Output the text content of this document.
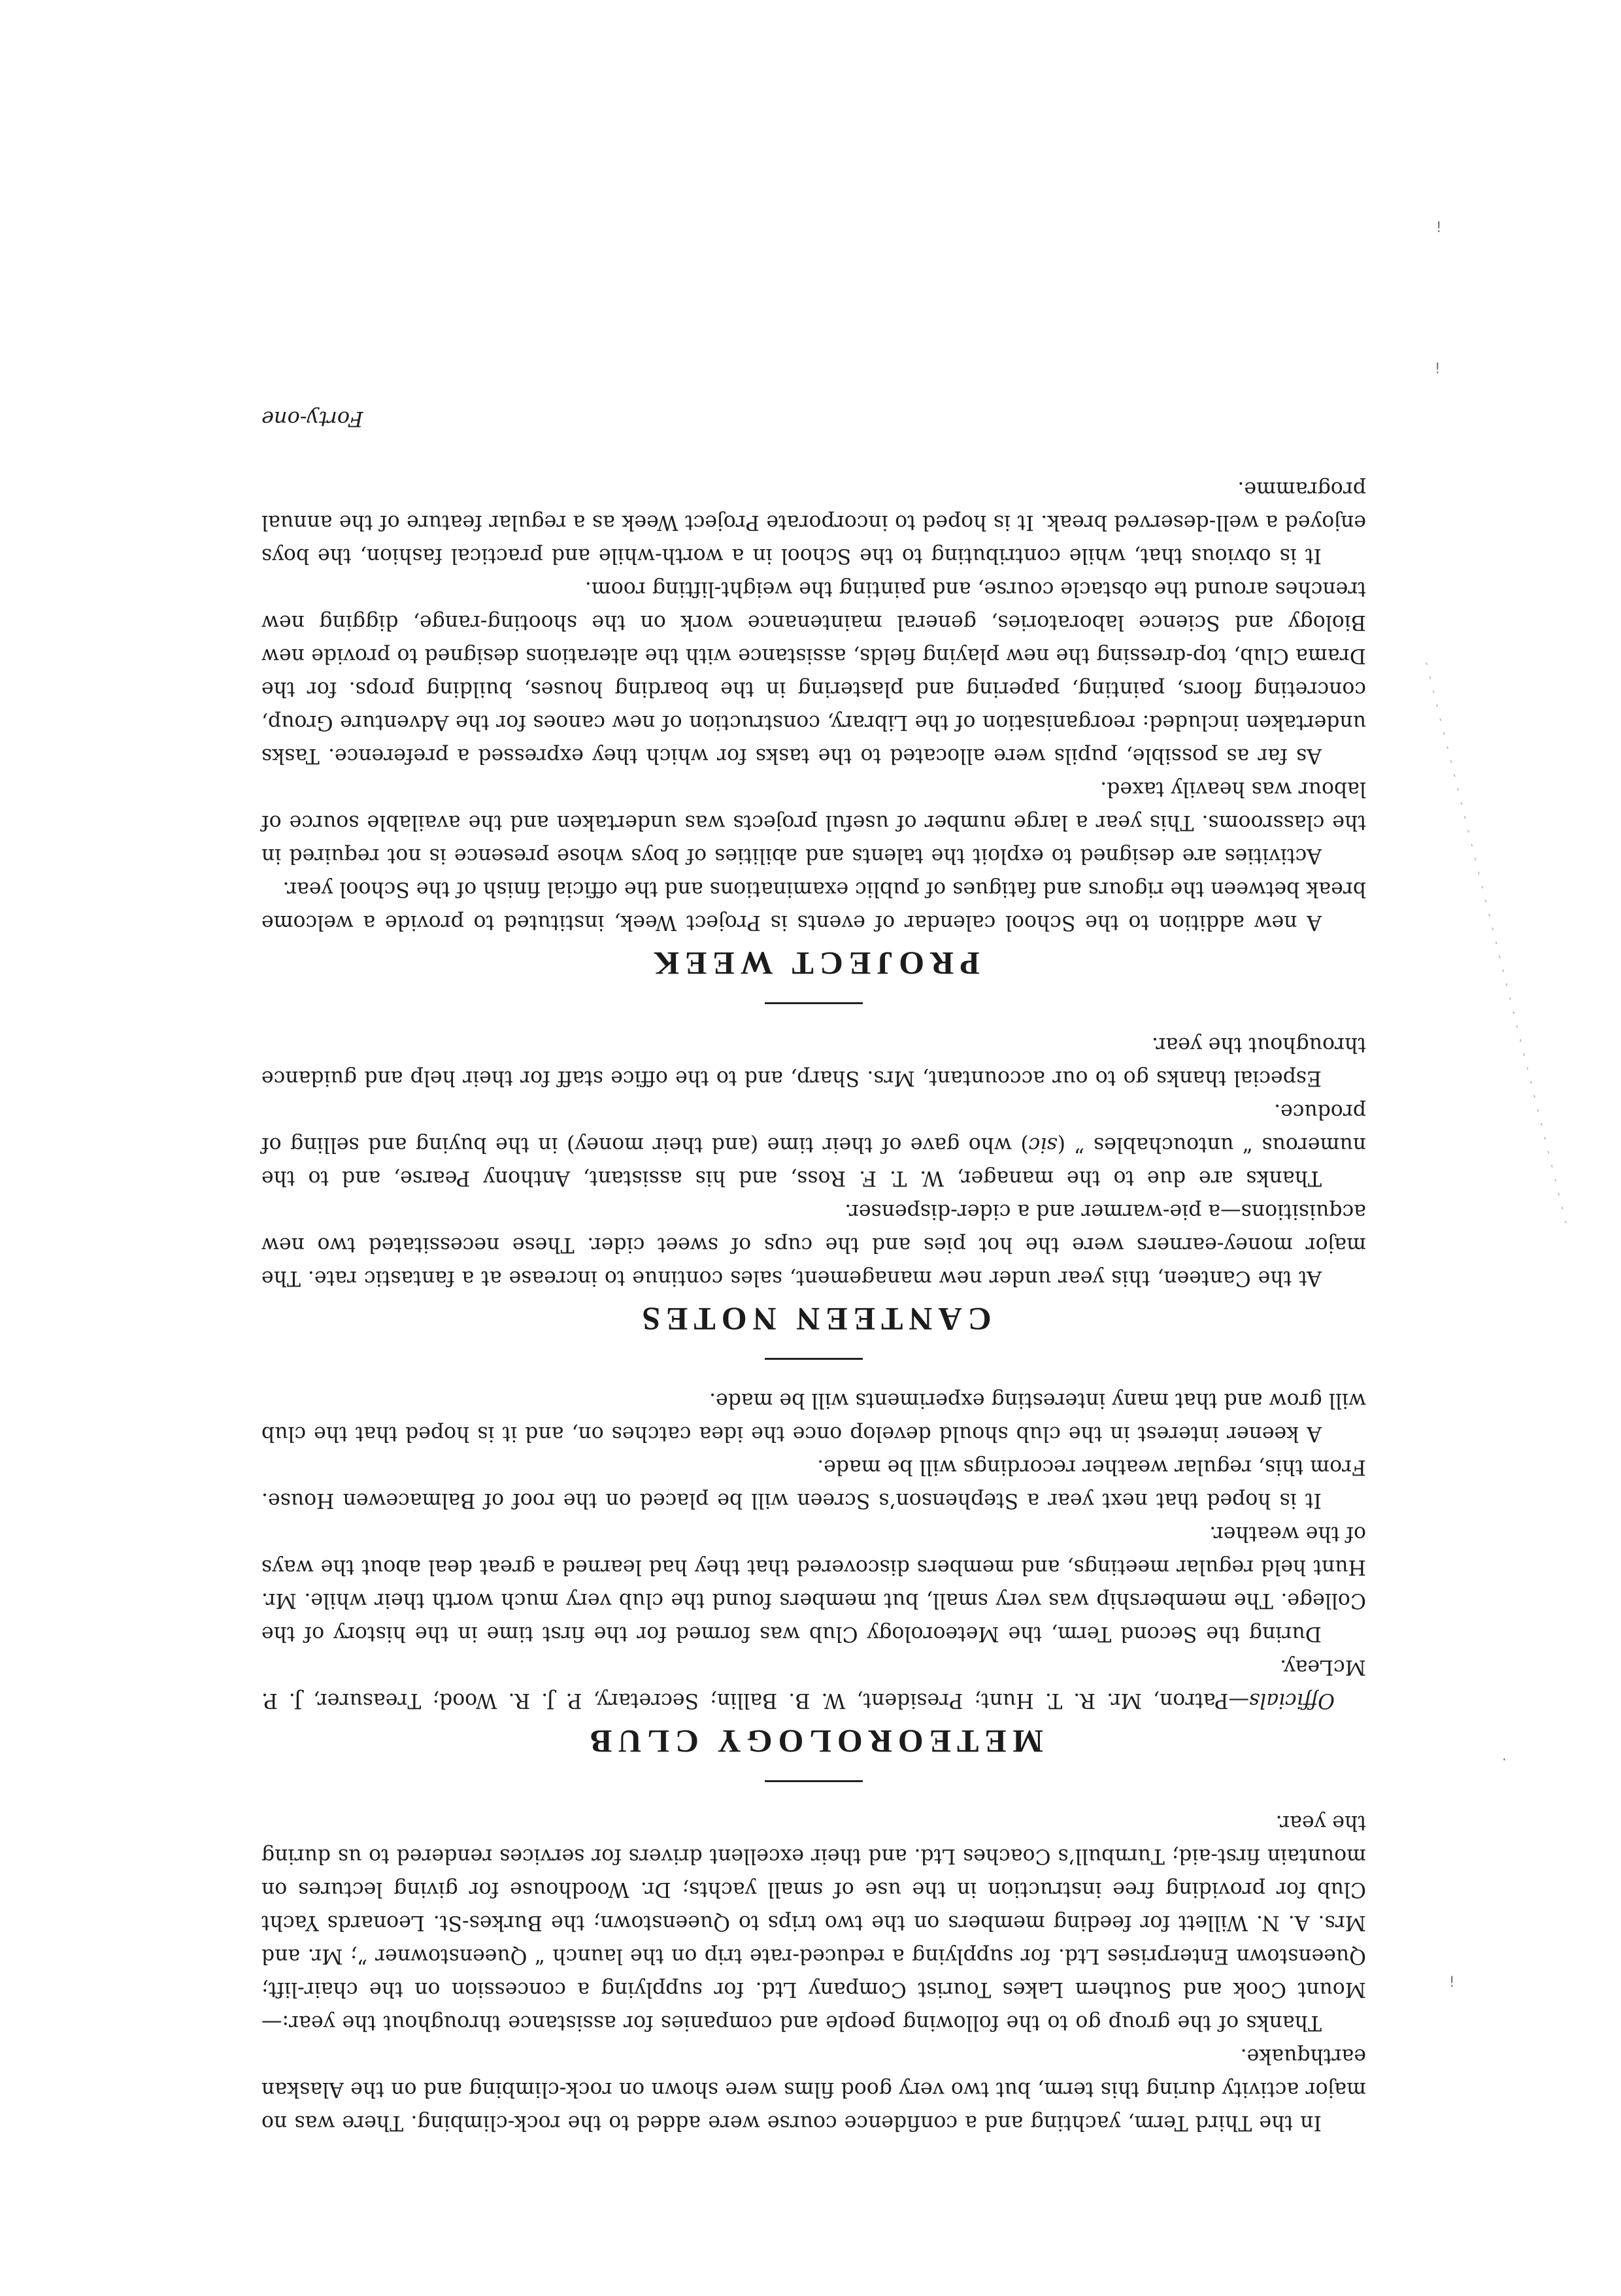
In the Third Term, yachting and a confidence course were added to the rock-climbing. There was no major activity during this term, but two very good films were shown on rock-climbing and on the Alaskan earthquake.

Thanks of the group go to the following people and companies for assistance throughout the year:—Mount Cook and Southern Lakes Tourist Company Ltd. for supplying a concession on the chair-lift; Queenstown Enterprises Ltd. for supplying a reduced-rate trip on the launch “ Queenstowner ”; Mr. and Mrs. A. N. Willett for feeding members on the two trips to Queenstown; the Burkes-St. Leonards Yacht Club for providing free instruction in the use of small yachts; Dr. Woodhouse for giving lectures on mountain first-aid; Turnbull’s Coaches Ltd. and their excellent drivers for services rendered to us during the year.

METEOROLOGY CLUB

Officials—Patron, Mr. R. T. Hunt; President, W. B. Ballin; Secretary, P. J. R. Wood; Treasurer, J. P. McLeay.

During the Second Term, the Meteorology Club was formed for the first time in the history of the College. The membership was very small, but members found the club very much worth their while. Mr. Hunt held regular meetings, and members discovered that they had learned a great deal about the ways of the weather.

It is hoped that next year a Stephenson’s Screen will be placed on the roof of Balmacewen House. From this, regular weather recordings will be made.

A keener interest in the club should develop once the idea catches on, and it is hoped that the club will grow and that many interesting experiments will be made.

CANTEEN NOTES

At the Canteen, this year under new management, sales continue to increase at a fantastic rate. The major money-earners were the hot pies and the cups of sweet cider. These necessitated two new acquisitions—a pie-warmer and a cider-dispenser.

Thanks are due to the manager, W. T. F. Ross, and his assistant, Anthony Pearse, and to the numerous “ untouchables ” (sic) who gave of their time (and their money) in the buying and selling of produce.

Especial thanks go to our accountant, Mrs. Sharp, and to the office staff for their help and guidance throughout the year.

PROJECT WEEK

A new addition to the School calendar of events is Project Week, instituted to provide a welcome break between the rigours and fatigues of public examinations and the official finish of the School year.

Activities are designed to exploit the talents and abilities of boys whose presence is not required in the classrooms. This year a large number of useful projects was undertaken and the available source of labour was heavily taxed.

As far as possible, pupils were allocated to the tasks for which they expressed a preference. Tasks undertaken included: reorganisation of the Library, construction of new canoes for the Adventure Group, concreting floors, painting, papering and plastering in the boarding houses, building props. for the Drama Club, top-dressing the new playing fields, assistance with the alterations designed to provide new Biology and Science laboratories, general maintenance work on the shooting-range, digging new trenches around the obstacle course, and painting the weight-lifting room.

It is obvious that, while contributing to the School in a worth-while and practical fashion, the boys enjoyed a well-deserved break. It is hoped to incorporate Project Week as a regular feature of the annual programme.

Forty-one
ǃ
ǃ
·
ǃ
